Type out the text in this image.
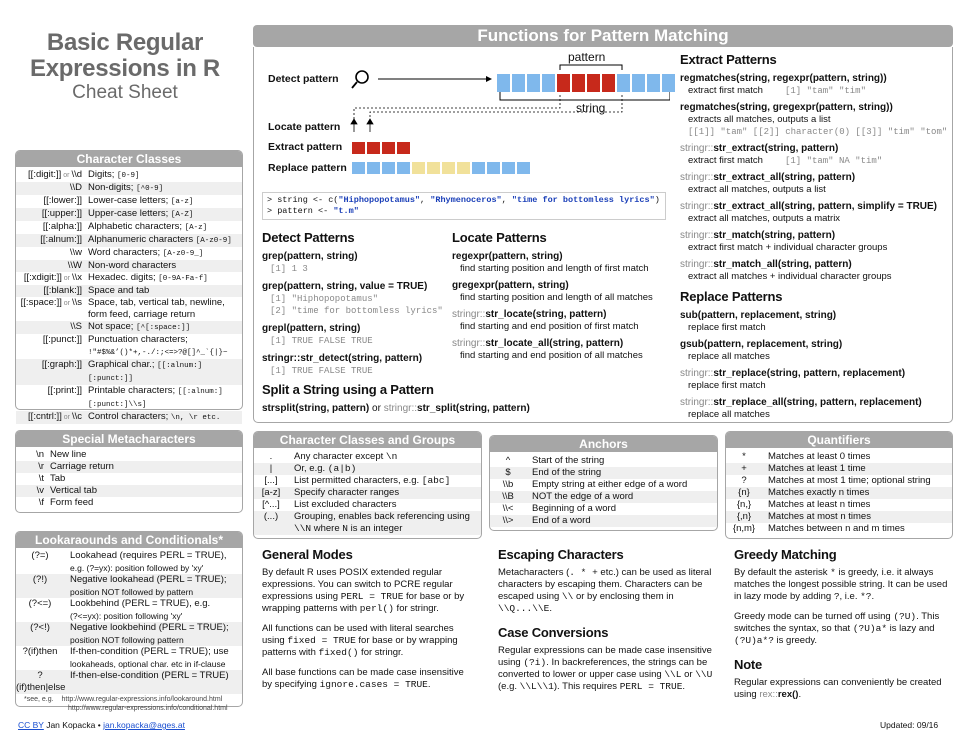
Basic Regular
Expressions in R
Cheat Sheet
Character Classes
[[:digit:]] or \\d Digits; [0-9]
\\D Non-digits; [^0-9]
[[:lower:]] Lower-case letters; [a-z]
[[:upper:]] Upper-case letters; [A-Z]
[[:alpha:]] Alphabetic characters; [A-z]
[[:alnum:]] Alphanumeric characters [A-z0-9]
\\w Word characters; [A-z0-9_]
\\W Non-word characters
[[:xdigit:]] or \\x Hexadec. digits; [0-9A-Fa-f]
[[:blank:]] Space and tab
[[:space:]] or \\s Space, tab, vertical tab, newline, form feed, carriage return
\\S Not space; [^[:space:]]
[[:punct:]] Punctuation characters; !"#$%&’()*+,-./:;<=>?@[]^_`{|}~
[[:graph:]] Graphical char.; [[:alnum:][:punct:]]
[[:print:]] Printable characters; [[:alnum:][:punct:]\\s]
[[:cntrl:]] or \\c Control characters; \n, \r etc.
Special Metacharacters
\n New line
\r Carriage return
\t Tab
\v Vertical tab
\f Form feed
Lookaraounds and Conditionals*
(?=)	Lookahead (requires PERL = TRUE),
e.g. (?=yx): position followed by 'xy'
(?!)	Negative lookahead (PERL = TRUE);
position NOT followed by pattern
(?<=)	Lookbehind (PERL = TRUE), e.g.
(?<=yx): position following 'xy'
(?<!)	Negative lookbehind (PERL = TRUE);
position NOT following pattern
?(if)then	If-then-condition (PERL = TRUE); use
lookaheads, optional char. etc in if-clause
?(if)then|else
If-then-else-condition (PERL = TRUE)
*see, e.g. http://www.regular-expressions.info/lookaround.html
http://www.regular-expressions.info/conditional.html
CC BY Jan Kopacka • jan.kopacka@ages.at	Updated: 09/16
Functions for Pattern Matching
Detect pattern
Locate pattern
Extract pattern
Replace pattern
pattern
string
> string <- c("Hiphopopotamus", "Rhymenoceros", "time for bottomless lyrics")
> pattern <- "t.m"
Detect Patterns
grep(pattern, string)
[1] 1 3
grep(pattern, string, value = TRUE)
[1] "Hiphopopotamus"
[2] "time for bottomless lyrics"
grepl(pattern, string)
[1] TRUE FALSE TRUE
stringr::str_detect(string, pattern)
[1] TRUE FALSE TRUE
Split a String using a Pattern
strsplit(string, pattern) or stringr::str_split(string, pattern)
Locate Patterns
regexpr(pattern, string)
find starting position and length of first match
gregexpr(pattern, string)
find starting position and length of all matches
stringr::str_locate(string, pattern)
find starting and end position of first match
stringr::str_locate_all(string, pattern)
find starting and end position of all matches
Extract Patterns
regmatches(string, regexpr(pattern, string))
extract first match [1] "tam" "tim"
regmatches(string, gregexpr(pattern, string))
extracts all matches, outputs a list
[[1]] "tam" [[2]] character(0) [[3]] "tim" "tom"
stringr::str_extract(string, pattern)
extract first match [1] "tam" NA "tim"
stringr::str_extract_all(string, pattern)
extract all matches, outputs a list
stringr::str_extract_all(string, pattern, simplify = TRUE)
extract all matches, outputs a matrix
stringr::str_match(string, pattern)
extract first match + individual character groups
stringr::str_match_all(string, pattern)
extract all matches + individual character groups
Replace Patterns
sub(pattern, replacement, string)
replace first match
gsub(pattern, replacement, string)
replace all matches
stringr::str_replace(string, pattern, replacement)
replace first match
stringr::str_replace_all(string, pattern, replacement)
replace all matches
Character Classes and Groups
.	Any character except \n
|	Or, e.g. (a|b)
[...]	List permitted characters, e.g. [abc]
[a-z]	Specify character ranges
[^...]	List excluded characters
(...)	Grouping, enables back referencing using
\\N where N is an integer
Anchors
^	Start of the string
$	End of the string
\\b	Empty string at either edge of a word
\\B	NOT the edge of a word
\\<	Beginning of a word
\\>	End of a word
Quantifiers
*	Matches at least 0 times
+	Matches at least 1 time
?	Matches at most 1 time; optional string
{n}	Matches exactly n times
{n,}	Matches at least n times
{,n}	Matches at most n times
{n,m}	Matches between n and m times
General Modes
By default R uses POSIX extended regular expressions. You can switch to PCRE regular expressions using PERL = TRUE for base or by wrapping patterns with perl() for stringr.
All functions can be used with literal searches using fixed = TRUE for base or by wrapping patterns with fixed() for stringr.
All base functions can be made case insensitive by specifying ignore.cases = TRUE.
Escaping Characters
Metacharacters (. * + etc.) can be used as literal characters by escaping them. Characters can be escaped using \\ or by enclosing them in \\Q...\\E.
Case Conversions
Regular expressions can be made case insensitive using (?i). In backreferences, the strings can be converted to lower or upper case using \\L or \\U (e.g. \\L\\1). This requires PERL = TRUE.
Greedy Matching
By default the asterisk * is greedy, i.e. it always matches the longest possible string. It can be used in lazy mode by adding ?, i.e. *?.
Greedy mode can be turned off using (?U). This switches the syntax, so that (?U)a* is lazy and (?U)a*? is greedy.
Note
Regular expressions can conveniently be created using rex::rex().
